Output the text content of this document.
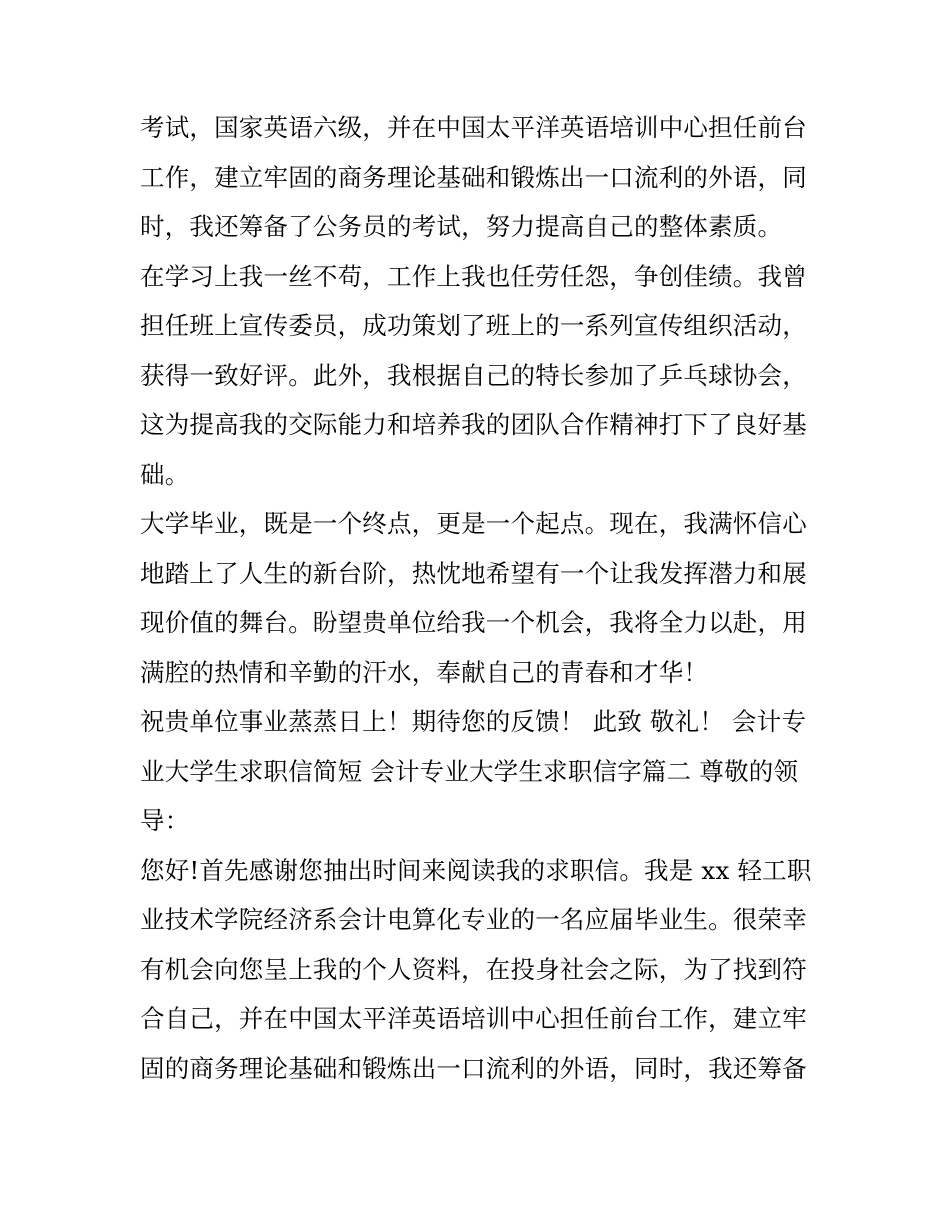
考试，国家英语六级，并在中国太平洋英语培训中心担任前台
工作，建立牢固的商务理论基础和锻炼出一口流利的外语，同
时，我还筹备了公务员的考试，努力提高自己的整体素质。
在学习上我一丝不苟，工作上我也任劳任怨，争创佳绩。我曾
担任班上宣传委员，成功策划了班上的一系列宣传组织活动，
获得一致好评。此外，我根据自己的特长参加了乒乓球协会，
这为提高我的交际能力和培养我的团队合作精神打下了良好基
础。
大学毕业，既是一个终点，更是一个起点。现在，我满怀信心
地踏上了人生的新台阶，热忱地希望有一个让我发挥潜力和展
现价值的舞台。盼望贵单位给我一个机会，我将全力以赴，用
满腔的热情和辛勤的汗水，奉献自己的青春和才华！
祝贵单位事业蒸蒸日上！期待您的反馈！ 此致 敬礼！ 会计专
业大学生求职信简短 会计专业大学生求职信字篇二 尊敬的领
导：
您好!首先感谢您抽出时间来阅读我的求职信。我是 xx 轻工职
业技术学院经济系会计电算化专业的一名应届毕业生。很荣幸
有机会向您呈上我的个人资料，在投身社会之际，为了找到符
合自己，并在中国太平洋英语培训中心担任前台工作，建立牢
固的商务理论基础和锻炼出一口流利的外语，同时，我还筹备
